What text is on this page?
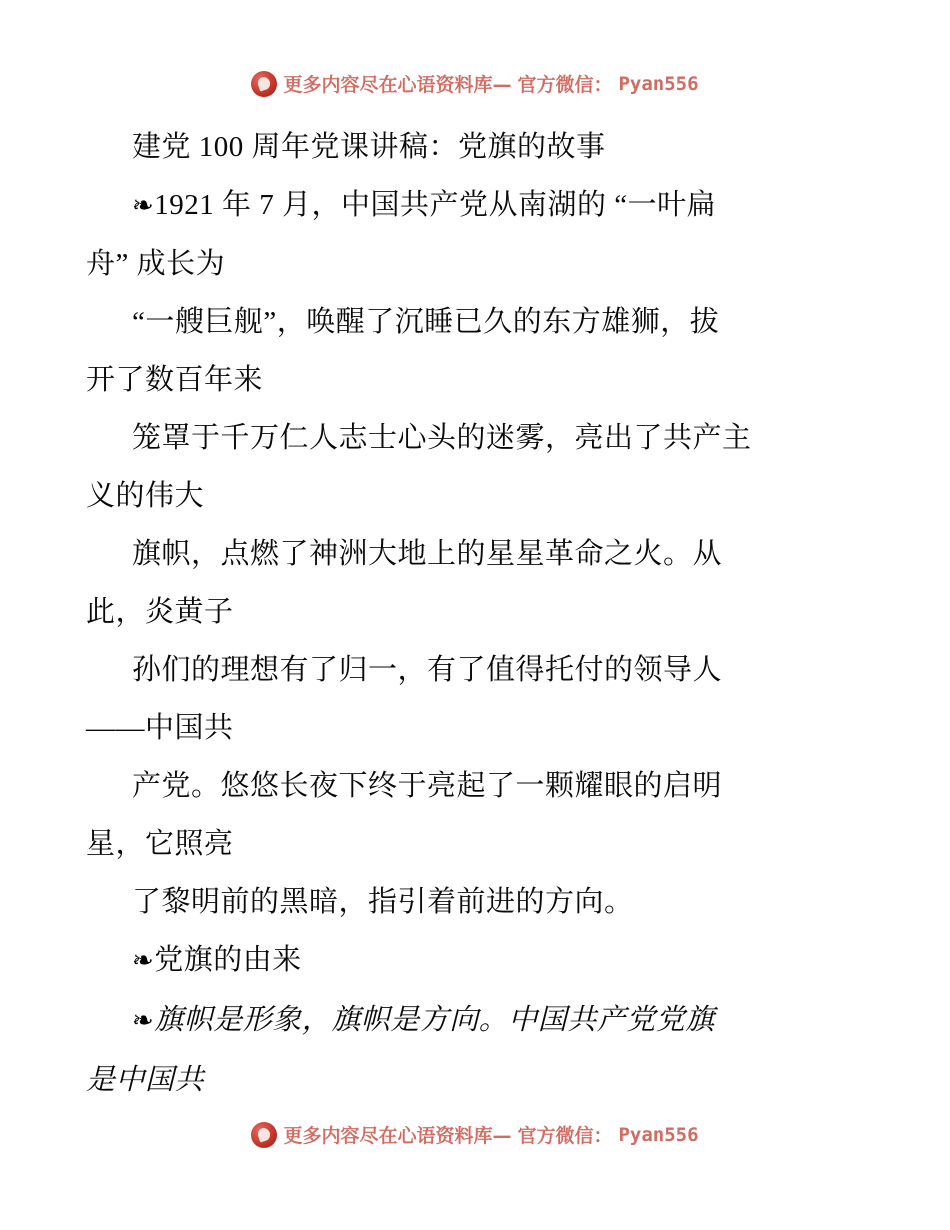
更多内容尽在心语资料库— 官方微信： Pyan556
建党 100 周年党课讲稿：党旗的故事
❧1921 年 7 月，中国共产党从南湖的 “一叶扁
舟” 成长为
“一艘巨舰”，唤醒了沉睡已久的东方雄狮，拔
开了数百年来
笼罩于千万仁人志士心头的迷雾，亮出了共产主
义的伟大
旗帜，点燃了神洲大地上的星星革命之火。从
此，炎黄子
孙们的理想有了归一，有了值得托付的领导人
——中国共
产党。悠悠长夜下终于亮起了一颗耀眼的启明
星，它照亮
了黎明前的黑暗，指引着前进的方向。
❧党旗的由来
❧旗帜是形象，旗帜是方向。中国共产党党旗
是中国共
更多内容尽在心语资料库— 官方微信： Pyan556
